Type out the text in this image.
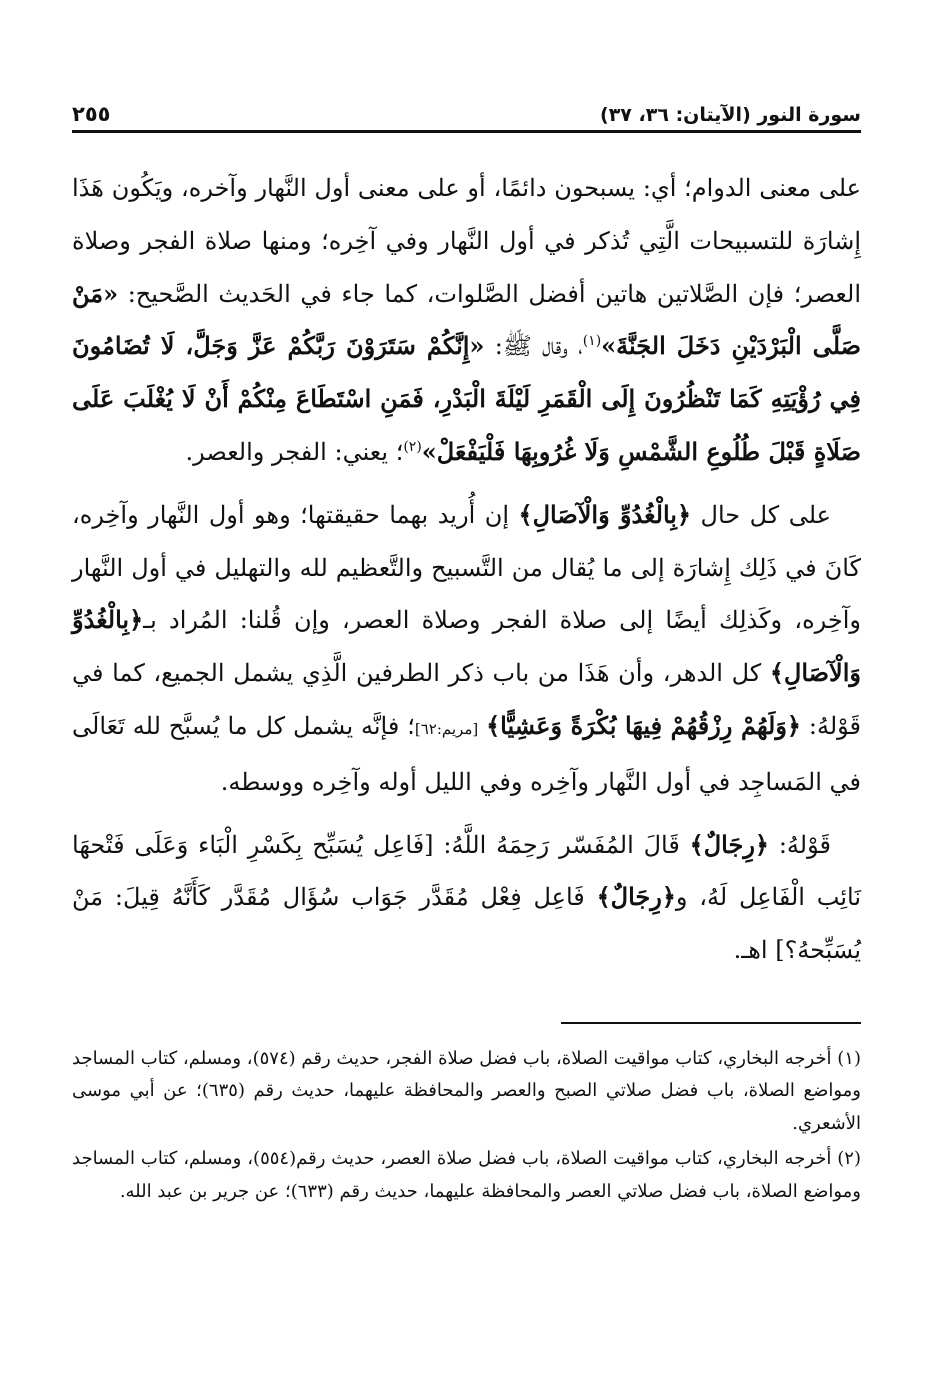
سورة النور (الآيتان: ٣٦، ٣٧)
٢٥٥

على معنى الدوام؛ أي: يسبحون دائمًا، أو على معنى أول النَّهار وآخره، ويَكُون هَذَا إِشارَة للتسبيحات الَّتِي تُذكر في أول النَّهار وفي آخِره؛ ومنها صلاة الفجر وصلاة العصر؛ فإن الصَّلاتين هاتين أفضل الصَّلوات، كما جاء في الحَديث الصَّحيح: «مَنْ صَلَّى الْبَرْدَيْنِ دَخَلَ الجَنَّةَ»$^{(١)}$، وقال ﷺ: «إِنَّكُمْ سَتَرَوْنَ رَبَّكُمْ عَزَّ وَجَلَّ، لَا تُضَامُونَ فِي رُؤْيَتِهِ كَمَا تَنْظُرُونَ إِلَى الْقَمَرِ لَيْلَةَ الْبَدْرِ، فَمَنِ اسْتَطَاعَ مِنْكُمْ أَنْ لَا يُغْلَبَ عَلَى صَلَاةٍ قَبْلَ طُلُوعِ الشَّمْسِ وَلَا غُرُوبِهَا فَلْيَفْعَلْ»$^{(٢)}$؛ يعني: الفجر والعصر.

على كل حال ﴿بِالْغُدُوِّ وَالْآصَالِ﴾ إن أُريد بهما حقيقتها؛ وهو أول النَّهار وآخِره، كَانَ في ذَلِك إِشارَة إلى ما يُقال من التَّسبيح والتَّعظيم لله والتهليل في أول النَّهار وآخِره، وكَذلِك أيضًا إلى صلاة الفجر وصلاة العصر، وإن قُلنا: المُراد بـ﴿بِالْغُدُوِّ وَالْآصَالِ﴾ كل الدهر، وأن هَذَا من باب ذكر الطرفين الَّذِي يشمل الجميع، كما في قَوْلهُ: ﴿وَلَهُمْ رِزْقُهُمْ فِيهَا بُكْرَةً وَعَشِيًّا﴾ [مريم:٦٢]؛ فإنَّه يشمل كل ما يُسبَّح لله تَعَالَى في المَساجِد في أول النَّهار وآخِره وفي الليل أوله وآخِره ووسطه.

قَوْلهُ: ﴿رِجَالٌ﴾ قَالَ المُفَسّر رَحِمَهُ اللَّهُ: [فَاعِل يُسَبِّح بِكَسْرِ الْبَاء وَعَلَى فَتْحهَا نَائِب الْفَاعِل لَهُ، و﴿رِجَالٌ﴾ فَاعِل فِعْل مُقَدَّر جَوَاب سُؤَال مُقَدَّر كَأَنَّهُ قِيلَ: مَنْ يُسَبِّحهُ؟] اهـ.

(١) أخرجه البخاري، كتاب مواقيت الصلاة، باب فضل صلاة الفجر، حديث رقم (٥٧٤)، ومسلم، كتاب المساجد ومواضع الصلاة، باب فضل صلاتي الصبح والعصر والمحافظة عليهما، حديث رقم (٦٣٥)؛ عن أبي موسى الأشعري.

(٢) أخرجه البخاري، كتاب مواقيت الصلاة، باب فضل صلاة العصر، حديث رقم(٥٥٤)، ومسلم، كتاب المساجد ومواضع الصلاة، باب فضل صلاتي العصر والمحافظة عليهما، حديث رقم (٦٣٣)؛ عن جرير بن عبد الله.
